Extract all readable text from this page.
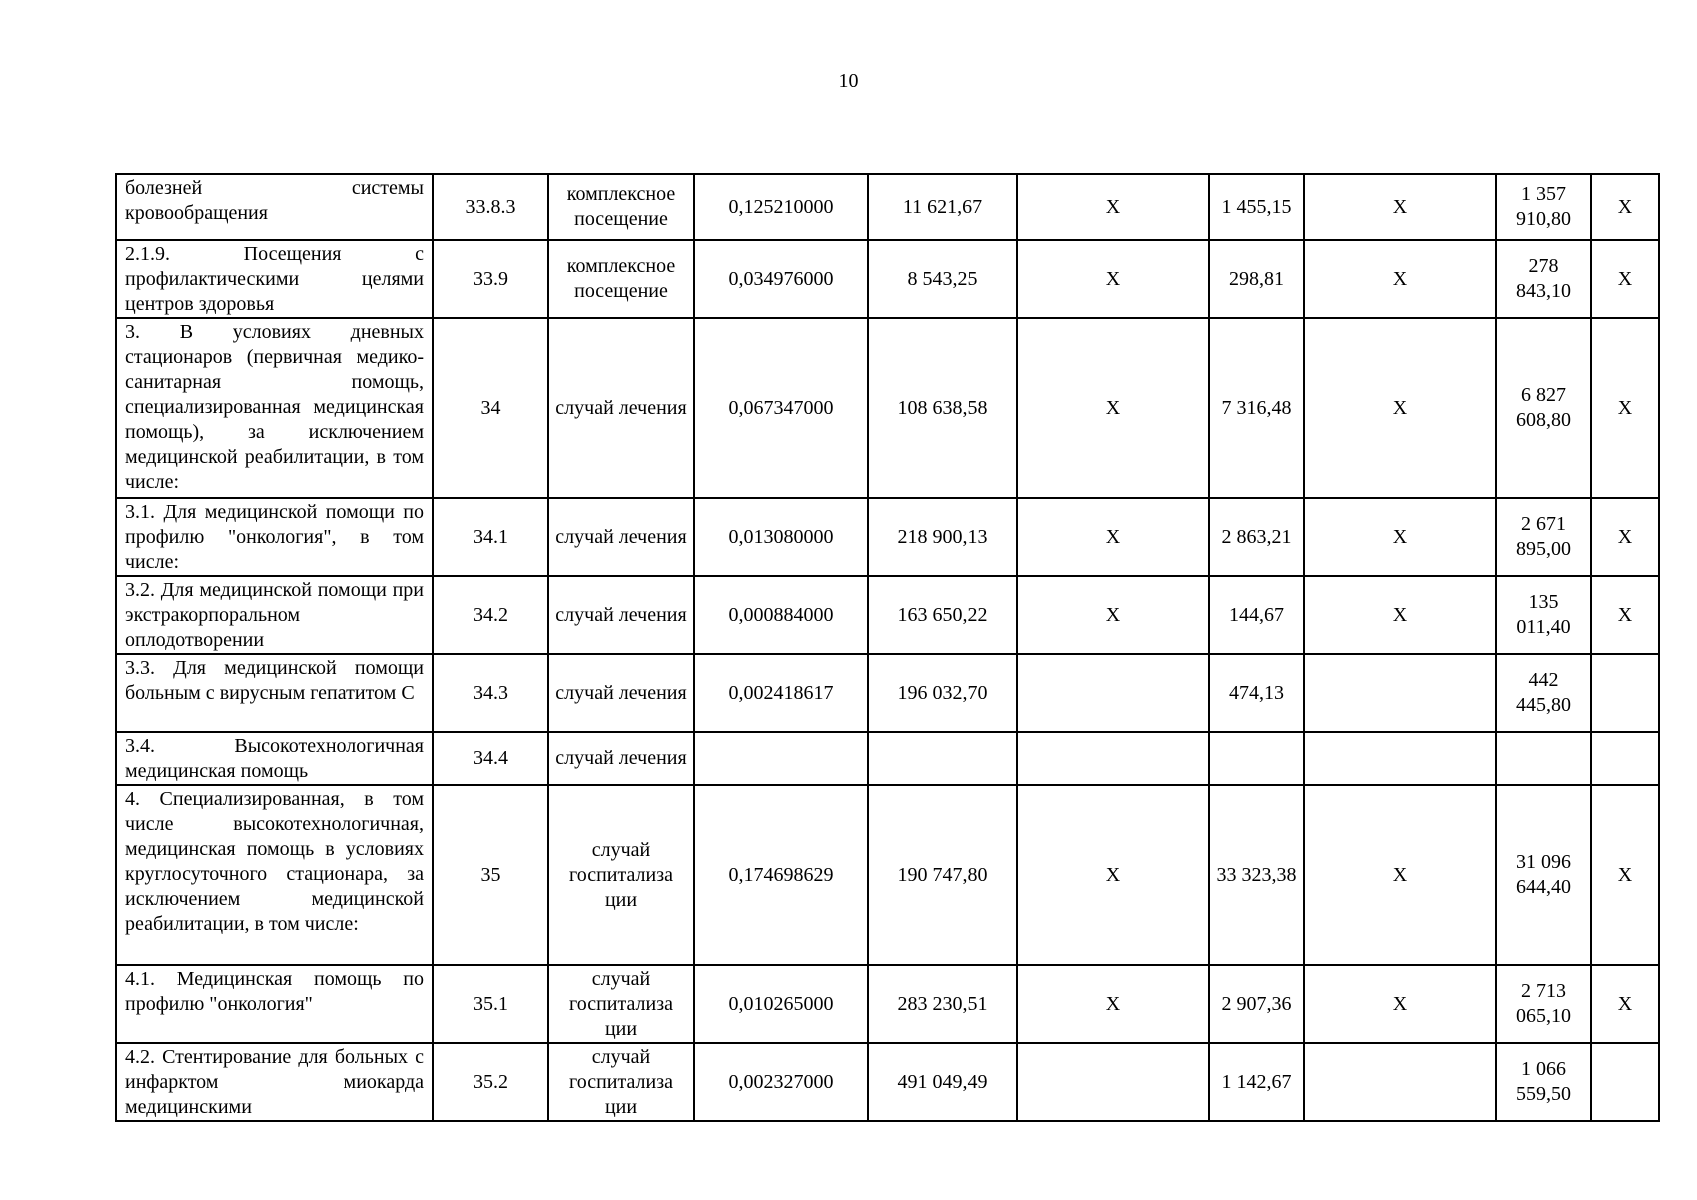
10
болезней системы кровообращения	33.8.3	комплексное посещение	0,125210000	11 621,67	X	1 455,15	X	1 357 910,80	X
2.1.9. Посещения с профилактическими целями центров здоровья	33.9	комплексное посещение	0,034976000	8 543,25	X	298,81	X	278 843,10	X
3. В условиях дневных стационаров (первичная медико-санитарная помощь, специализированная медицинская помощь), за исключением медицинской реабилитации, в том числе:	34	случай лечения	0,067347000	108 638,58	X	7 316,48	X	6 827 608,80	X
3.1. Для медицинской помощи по профилю "онкология", в том числе:	34.1	случай лечения	0,013080000	218 900,13	X	2 863,21	X	2 671 895,00	X
3.2. Для медицинской помощи при экстракорпоральном оплодотворении	34.2	случай лечения	0,000884000	163 650,22	X	144,67	X	135 011,40	X
3.3. Для медицинской помощи больным с вирусным гепатитом С	34.3	случай лечения	0,002418617	196 032,70		474,13		442 445,80	
3.4. Высокотехнологичная медицинская помощь	34.4	случай лечения							
4. Специализированная, в том числе высокотехнологичная, медицинская помощь в условиях круглосуточного стационара, за исключением медицинской реабилитации, в том числе:	35	случай госпитализа ции	0,174698629	190 747,80	X	33 323,38	X	31 096 644,40	X
4.1. Медицинская помощь по профилю "онкология"	35.1	случай госпитализа ции	0,010265000	283 230,51	X	2 907,36	X	2 713 065,10	X
4.2. Стентирование для больных с инфарктом миокарда медицинскими	35.2	случай госпитализа ции	0,002327000	491 049,49		1 142,67		1 066 559,50	
